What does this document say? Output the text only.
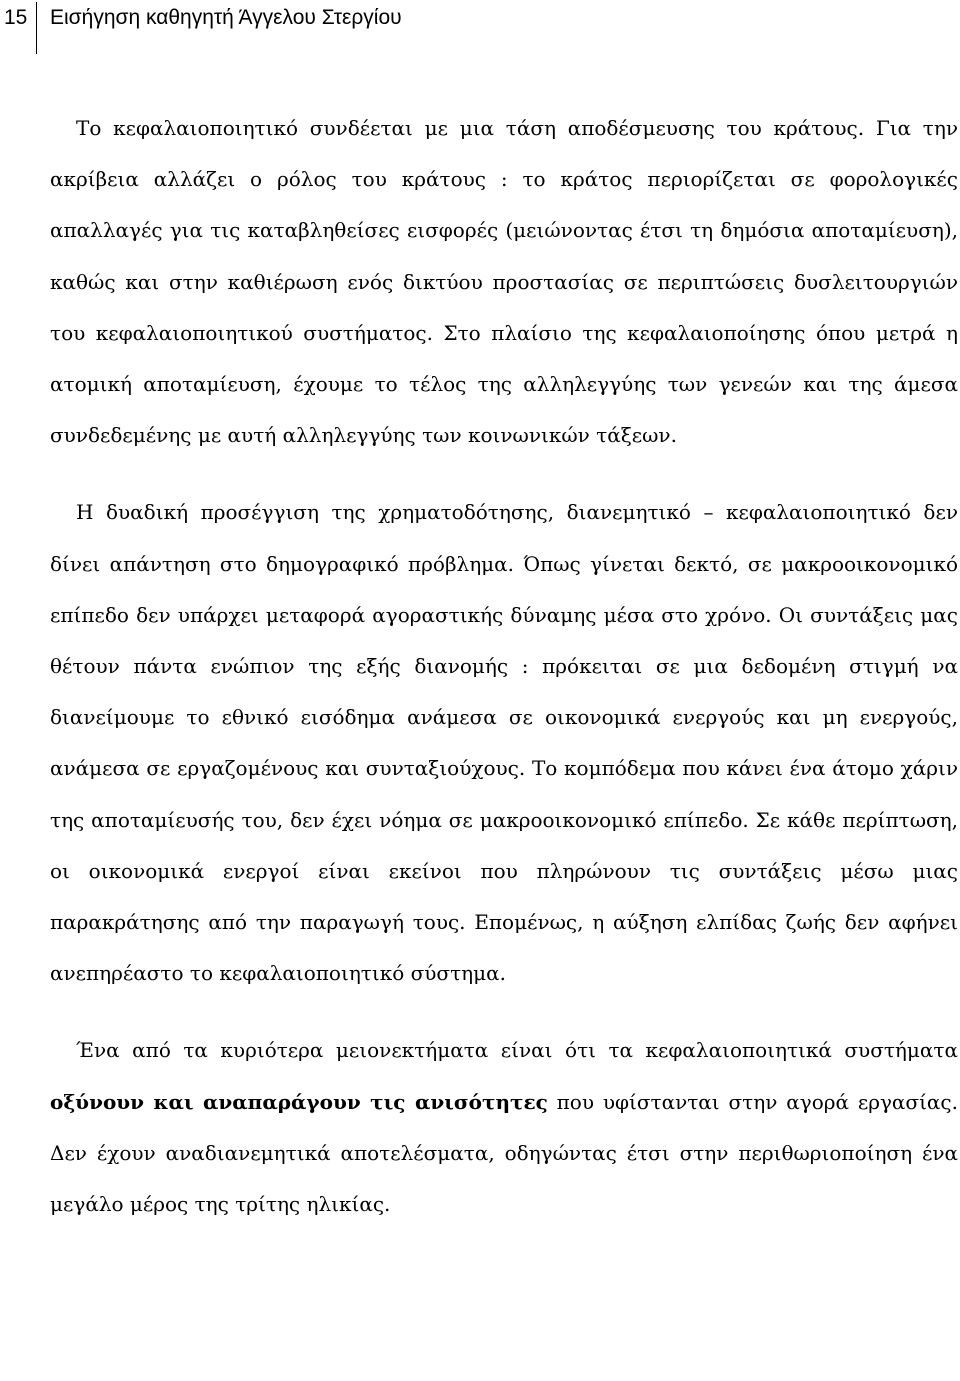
15 Εισήγηση καθηγητή Άγγελου Στεργίου

Το κεφαλαιοποιητικό συνδέεται με μια τάση αποδέσμευσης του κράτους. Για την ακρίβεια αλλάζει ο ρόλος του κράτους : το κράτος περιορίζεται σε φορολογικές απαλλαγές για τις καταβληθείσες εισφορές (μειώνοντας έτσι τη δημόσια αποταμίευση), καθώς και στην καθιέρωση ενός δικτύου προστασίας σε περιπτώσεις δυσλειτουργιών του κεφαλαιοποιητικού συστήματος. Στο πλαίσιο της κεφαλαιοποίησης όπου μετρά η ατομική αποταμίευση, έχουμε το τέλος της αλληλεγγύης των γενεών και της άμεσα συνδεδεμένης με αυτή αλληλεγγύης των κοινωνικών τάξεων.

Η δυαδική προσέγγιση της χρηματοδότησης, διανεμητικό – κεφαλαιοποιητικό δεν δίνει απάντηση στο δημογραφικό πρόβλημα. Όπως γίνεται δεκτό, σε μακροοικονομικό επίπεδο δεν υπάρχει μεταφορά αγοραστικής δύναμης μέσα στο χρόνο. Οι συντάξεις μας θέτουν πάντα ενώπιον της εξής διανομής : πρόκειται σε μια δεδομένη στιγμή να διανείμουμε το εθνικό εισόδημα ανάμεσα σε οικονομικά ενεργούς και μη ενεργούς, ανάμεσα σε εργαζομένους και συνταξιούχους. Το κομπόδεμα που κάνει ένα άτομο χάριν της αποταμίευσής του, δεν έχει νόημα σε μακροοικονομικό επίπεδο. Σε κάθε περίπτωση, οι οικονομικά ενεργοί είναι εκείνοι που πληρώνουν τις συντάξεις μέσω μιας παρακράτησης από την παραγωγή τους. Επομένως, η αύξηση ελπίδας ζωής δεν αφήνει ανεπηρέαστο το κεφαλαιοποιητικό σύστημα.

Ένα από τα κυριότερα μειονεκτήματα είναι ότι τα κεφαλαιοποιητικά συστήματα οξύνουν και αναπαράγουν τις ανισότητες που υφίστανται στην αγορά εργασίας. Δεν έχουν αναδιανεμητικά αποτελέσματα, οδηγώντας έτσι στην περιθωριοποίηση ένα μεγάλο μέρος της τρίτης ηλικίας.
